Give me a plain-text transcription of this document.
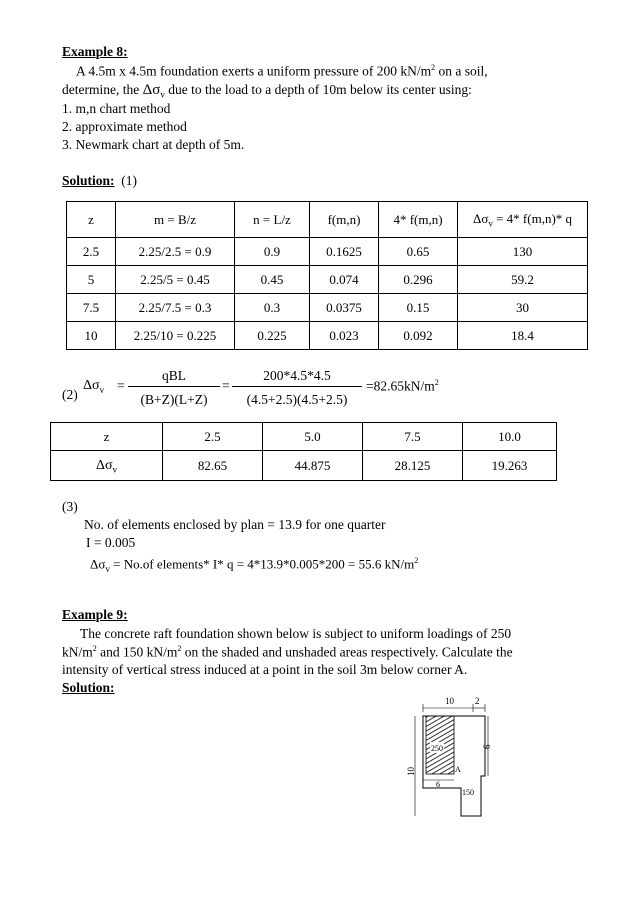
Example 8:
A 4.5m x 4.5m foundation exerts a uniform pressure of 200 $kN/m^2$ on a soil,
determine, the $\Delta\sigma_v$ due to the load to a depth of 10m below its center using:
1. m,n chart method
2. approximate method
3. Newmark chart at depth of 5m.
Solution: (1)
z	m = B/z	n = L/z	f(m,n)	4* f(m,n)	$\Delta\sigma_v = 4*$ f(m,n)* q
2.5	2.25/2.5 = 0.9	0.9	0.1625	0.65	130
5	2.25/5 = 0.45	0.45	0.074	0.296	59.2
7.5	2.25/7.5 = 0.3	0.3	0.0375	0.15	30
10	2.25/10 = 0.225	0.225	0.023	0.092	18.4
(2)
$\Delta\sigma_v$ =
qBL
(B+Z)(L+Z)
=
200*4.5*4.5
(4.5+2.5)(4.5+2.5)
$=82.65kN/m^2$
z	2.5	5.0	7.5	10.0
$\Delta\sigma_v$	82.65	44.875	28.125	19.263
(3)
No. of elements enclosed by plan = 13.9 for one quarter
I = 0.005
$\Delta\sigma_v = No.of$ elements* I* q = 4*13.9*0.005*200 = 55.6 $kN/m^2$
Example 9:
The concrete raft foundation shown below is subject to uniform loadings of 250
$kN/m^2$ and 150 $kN/m^2$ on the shaded and unshaded areas respectively. Calculate the
intensity of vertical stress induced at a point in the soil 3m below corner A.
Solution:
10 2
6
10
250
A
6
150
